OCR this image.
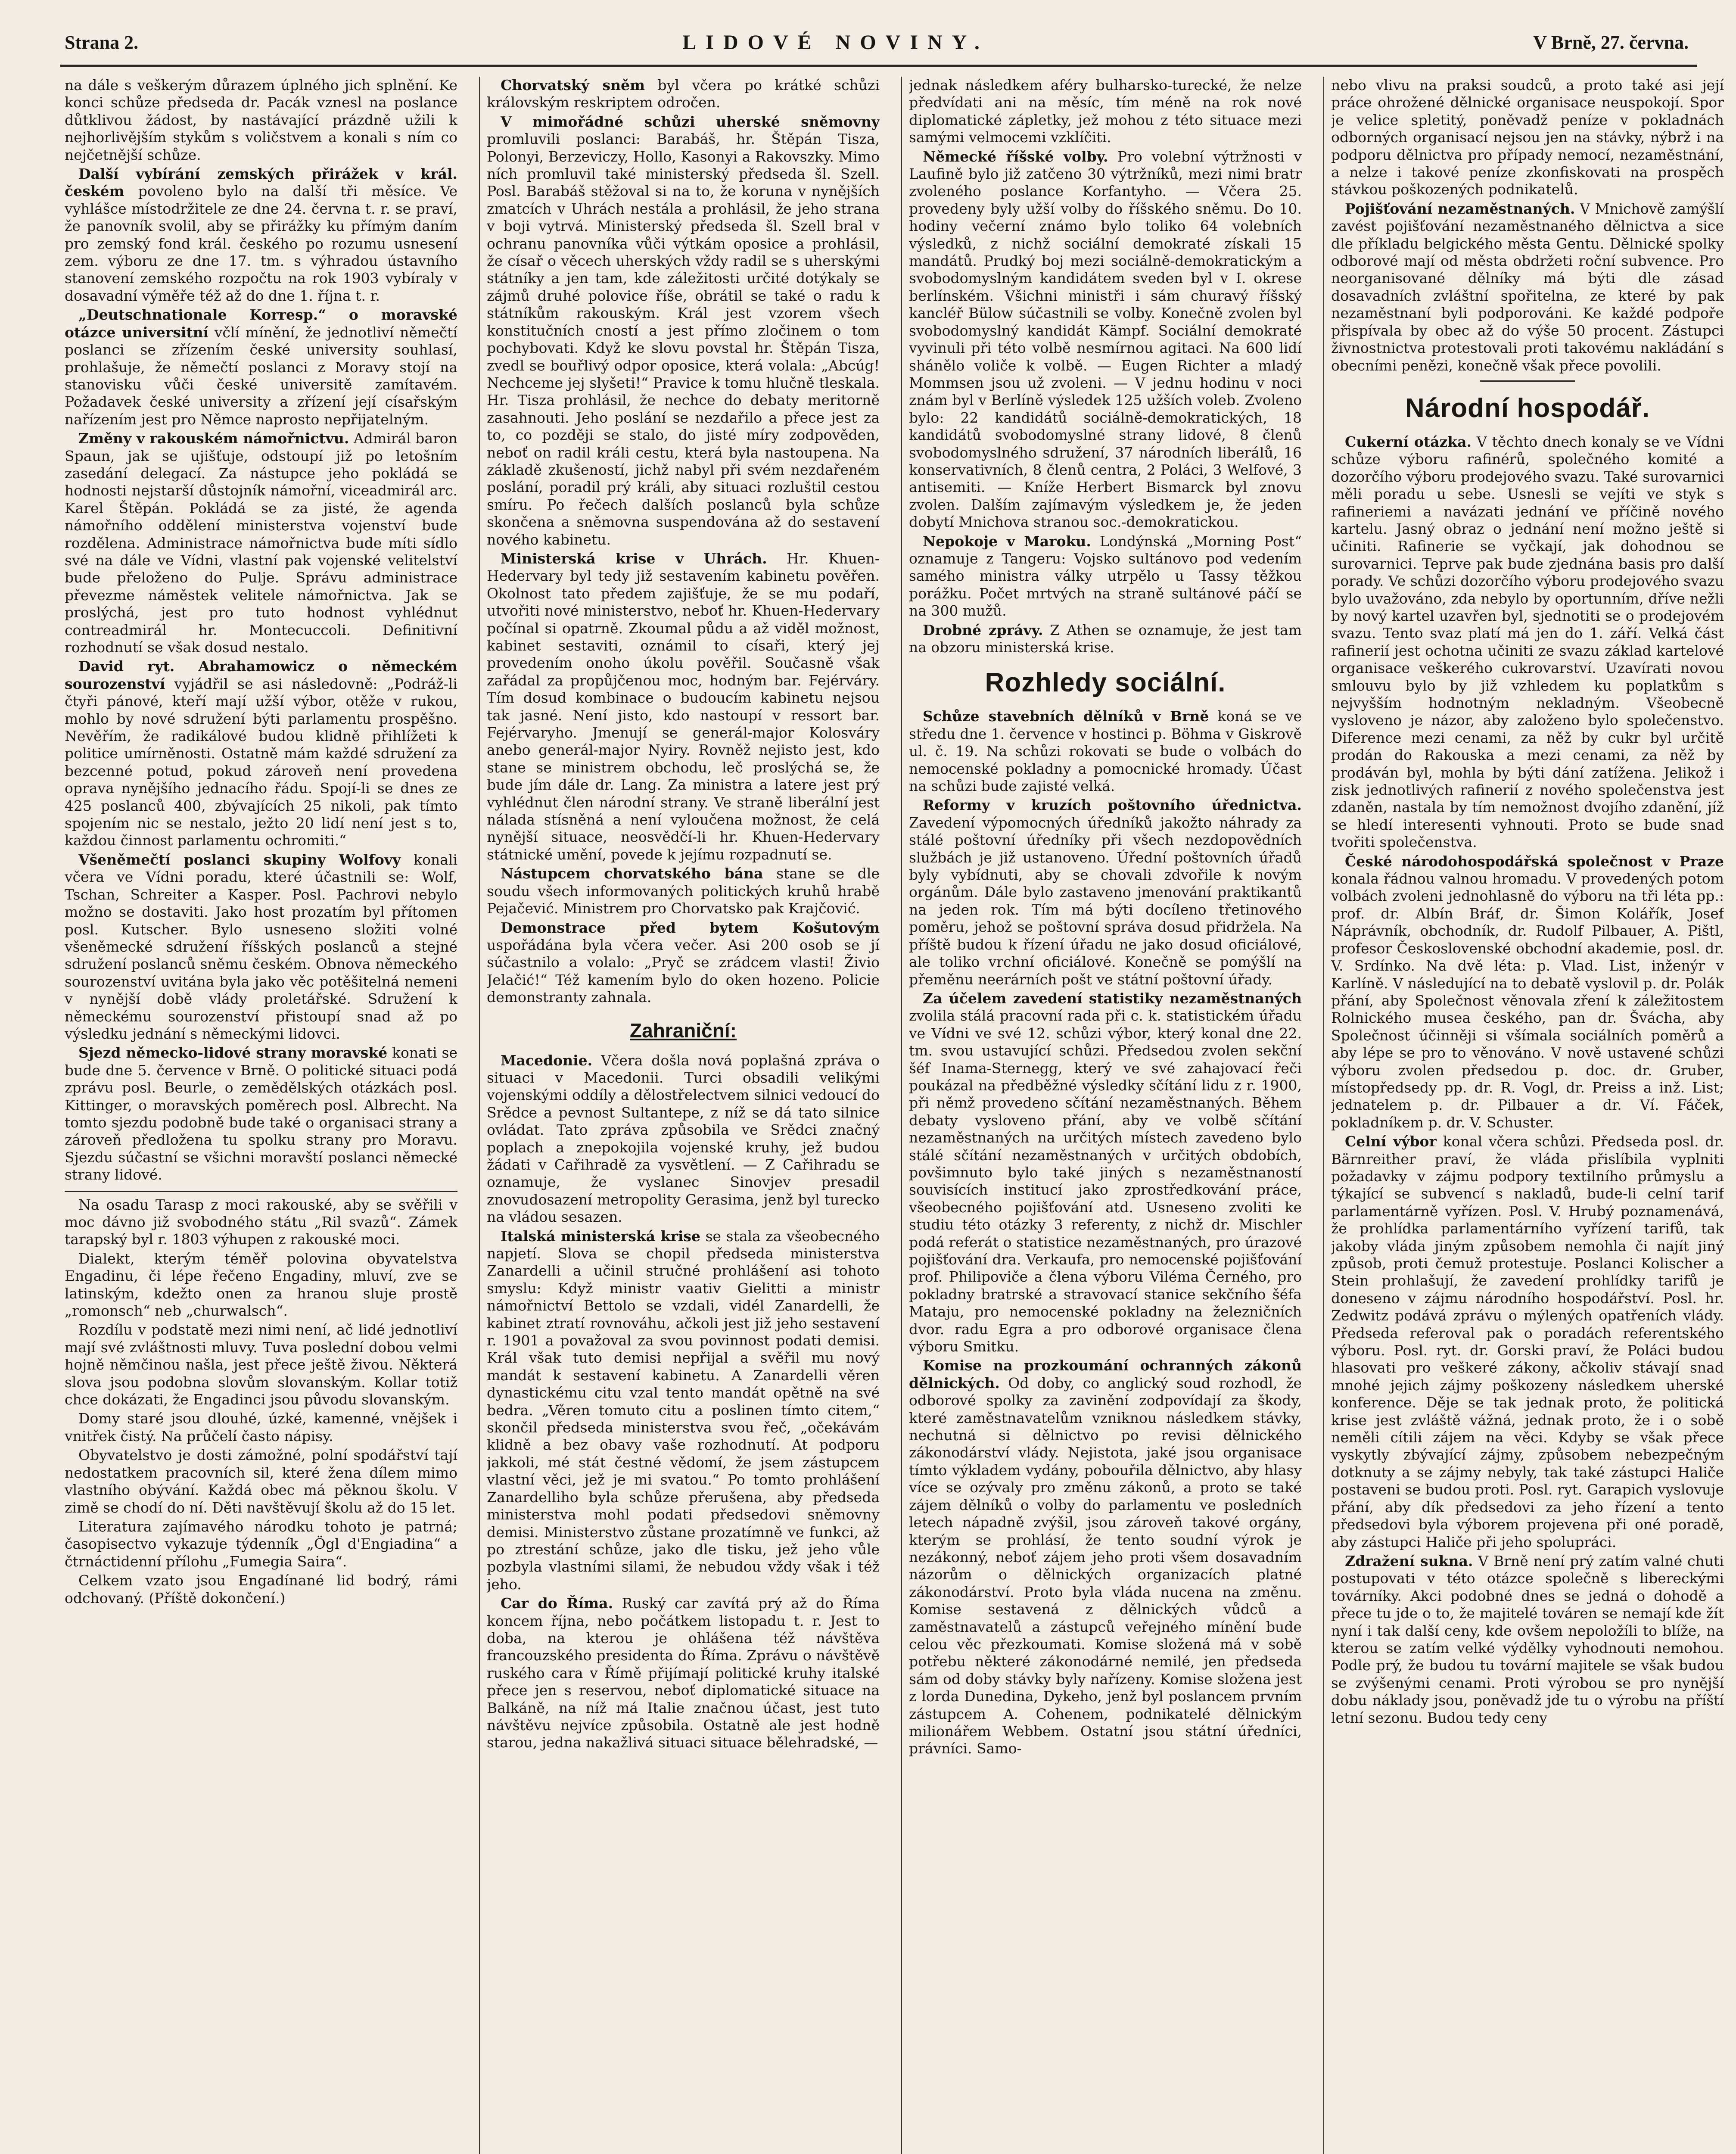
Strana 2.	LIDOVÉ NOVINY.	V Brně, 27. června.

na dále s veškerým důrazem úplného jich splnění. Ke konci schůze předseda dr. Pacák vznesl na poslance důtklivou žádost, by nastávající prázdně užili k nejhorlivějším stykům s voličstvem a konali s ním co nejčetnější schůze.

Další vybírání zemských přirážek v král. českém povoleno bylo na další tři měsíce. Ve vyhlášce místodržitele ze dne 24. června t. r. se praví, že panovník svolil, aby se přirážky ku přímým daním pro zemský fond král. českého po rozumu usnesení zem. výboru ze dne 17. tm. s výhradou ústavního stanovení zemského rozpočtu na rok 1903 vybíraly v dosavadní výměře též až do dne 1. října t. r.

„Deutschnationale Korresp.“ o moravské otázce universitní včlí mínění, že jednotliví němečtí poslanci se zřízením české university souhlasí, prohlašuje, že němečtí poslanci z Moravy stojí na stanovisku vůči české universitě zamítavém. Požadavek české university a zřízení její císařským nařízením jest pro Němce naprosto nepřijatelným.

Změny v rakouském námořnictvu. Admirál baron Spaun, jak se ujišťuje, odstoupí již po letošním zasedání delegací. Za nástupce jeho pokládá se hodnosti nejstarší důstojník námořní, viceadmirál arc. Karel Štěpán. Pokládá se za jisté, že agenda námořního oddělení ministerstva vojenství bude rozdělena. Administrace námořnictva bude míti sídlo své na dále ve Vídni, vlastní pak vojenské velitelství bude přeloženo do Pulje. Správu administrace převezme náměstek velitele námořnictva. Jak se proslýchá, jest pro tuto hodnost vyhlédnut contreadmirál hr. Montecuccoli. Definitivní rozhodnutí se však dosud nestalo.

David ryt. Abrahamowicz o německém sourozenství vyjádřil se asi následovně: „Podráž-li čtyři pánové, kteří mají užší výbor, otěže v rukou, mohlo by nové sdružení býti parlamentu prospěšno. Nevěřím, že radikálové budou klidně přihlížeti k politice umírněnosti. Ostatně mám každé sdružení za bezcenné potud, pokud zároveň není provedena oprava nynějšího jednacího řádu. Spojí-li se dnes ze 425 poslanců 400, zbývajících 25 nikoli, pak tímto spojením nic se nestalo, ježto 20 lidí není jest s to, každou činnost parlamentu ochromiti.“

Všeněmečtí poslanci skupiny Wolfovy konali včera ve Vídni poradu, které účastnili se: Wolf, Tschan, Schreiter a Kasper. Posl. Pachrovi nebylo možno se dostaviti. Jako host prozatím byl přítomen posl. Kutscher. Bylo usneseno složiti volné všeněmecké sdružení říšských poslanců a stejné sdružení poslanců sněmu českém. Obnova německého sourozenství uvitána byla jako věc potěšitelná nemeni v nynější době vlády proletářské. Sdružení k německému sourozenství přistoupí snad až po výsledku jednání s německými lidovci.

Sjezd německo-lidové strany moravské konati se bude dne 5. července v Brně. O politické situaci podá zprávu posl. Beurle, o zemědělských otázkách posl. Kittinger, o moravských poměrech posl. Albrecht. Na tomto sjezdu podobně bude také o organisaci strany a zároveň předložena tu spolku strany pro Moravu. Sjezdu súčastní se všichni moravští poslanci německé strany lidové.

Na osadu Tarasp z moci rakouské, aby se svěřili v moc dávno již svobodného státu „Ril svazů“. Zámek tarapský byl r. 1803 výhupen z rakouské moci.

Dialekt, kterým téměř polovina obyvatelstva Engadinu, či lépe řečeno Engadiny, mluví, zve se latinským, kdežto onen za hranou sluje prostě „romonsch“ neb „churwalsch“.

Rozdílu v podstatě mezi nimi není, ač lidé jednotliví mají své zvláštnosti mluvy. Tuva poslední dobou velmi hojně němčinou našla, jest přece ještě živou. Některá slova jsou podobna slovům slovanským. Kollar totiž chce dokázati, že Engadinci jsou původu slovanským.

Domy staré jsou dlouhé, úzké, kamenné, vnějšek i vnitřek čistý. Na průčelí často nápisy.

Obyvatelstvo je dosti zámožné, polní spodářství tají nedostatkem pracovních sil, které žena dílem mimo vlastního obývání. Každá obec má pěknou školu. V zimě se chodí do ní. Děti navštěvují školu až do 15 let.

Literatura zajímavého národku tohoto je patrná; časopisectvo vykazuje týdenník „Ögl d'Engiadina“ a čtrnáctidenní přílohu „Fumegia Saira“.

Celkem vzato jsou Engadínané lid bodrý, rámi odchovaný. (Příště dokončení.)

Chorvatský sněm byl včera po krátké schůzi královským reskriptem odročen.

V mimořádné schůzi uherské sněmovny promluvili poslanci: Barabáš, hr. Štěpán Tisza, Polonyi, Berzeviczy, Hollo, Kasonyi a Rakovszky. Mimo ních promluvil také ministerský předseda šl. Szell. Posl. Barabáš stěžoval si na to, že koruna v nynějších zmatcích v Uhrách nestála a prohlásil, že jeho strana v boji vytrvá. Ministerský předseda šl. Szell bral v ochranu panovníka vůči výtkám oposice a prohlásil, že císař o věcech uherských vždy radil se s uherskými státníky a jen tam, kde záležitosti určité dotýkaly se zájmů druhé polovice říše, obrátil se také o radu k státníkům rakouským. Král jest vzorem všech konstitučních cností a jest přímo zločinem o tom pochybovati. Když ke slovu povstal hr. Štěpán Tisza, zvedl se bouřlivý odpor oposice, která volala: „Abcúg! Nechceme jej slyšeti!“ Pravice k tomu hlučně tleskala. Hr. Tisza prohlásil, že nechce do debaty meritorně zasahnouti. Jeho poslání se nezdařilo a přece jest za to, co později se stalo, do jisté míry zodpověden, neboť on radil králi cestu, která byla nastoupena. Na základě zkušeností, jichž nabyl při svém nezdařeném poslání, poradil prý králi, aby situaci rozluštil cestou smíru. Po řečech dalších poslanců byla schůze skončena a sněmovna suspendována až do sestavení nového kabinetu.

Ministerská krise v Uhrách. Hr. Khuen-Hedervary byl tedy již sestavením kabinetu pověřen. Okolnost tato předem zajišťuje, že se mu podaří, utvořiti nové ministerstvo, neboť hr. Khuen-Hedervary počínal si opatrně. Zkoumal půdu a až viděl možnost, kabinet sestaviti, oznámil to císaři, který jej provedením onoho úkolu pověřil. Současně však zařádal za propůjčenou moc, hodným bar. Fejérváry. Tím dosud kombinace o budoucím kabinetu nejsou tak jasné. Není jisto, kdo nastoupí v ressort bar. Fejérvaryho. Jmenují se generál-major Kolosváry anebo generál-major Nyiry. Rovněž nejisto jest, kdo stane se ministrem obchodu, leč proslýchá se, že bude jím dále dr. Lang. Za ministra a latere jest prý vyhlédnut člen národní strany. Ve straně liberální jest nálada stísněná a není vyloučena možnost, že celá nynější situace, neosvědčí-li hr. Khuen-Hedervary státnické umění, povede k jejímu rozpadnutí se.

Nástupcem chorvatského bána stane se dle soudu všech informovaných politických kruhů hrabě Pejačević. Ministrem pro Chorvatsko pak Krajčović.

Demonstrace před bytem Košutovým uspořádána byla včera večer. Asi 200 osob se jí súčastnilo a volalo: „Pryč se zrádcem vlasti! Živio Jelačić!“ Též kamením bylo do oken hozeno. Policie demonstranty zahnala.

Zahraniční:

Macedonie. Včera došla nová poplašná zpráva o situaci v Macedonii. Turci obsadili velikými vojenskými oddíly a dělostřelectvem silnici vedoucí do Srědce a pevnost Sultantepe, z níž se dá tato silnice ovládat. Tato zpráva způsobila ve Srědci značný poplach a znepokojila vojenské kruhy, jež budou žádati v Cařihradě za vysvětlení. — Z Cařihradu se oznamuje, že vyslanec Sinovjev presadil znovudosazení metropolity Gerasima, jenž byl turecko na vládou sesazen.

Italská ministerská krise se stala za všeobecného napjetí. Slova se chopil předseda ministerstva Zanardelli a učinil stručné prohlášení asi tohoto smyslu: Když ministr vaativ Gielitti a ministr námořnictví Bettolo se vzdali, vidél Zanardelli, že kabinet ztratí rovnováhu, ačkoli jest již jeho sestavení r. 1901 a považoval za svou povinnost podati demisi. Král však tuto demisi nepřijal a svěřil mu nový mandát k sestavení kabinetu. A Zanardelli věren dynastickému citu vzal tento mandát opětně na své bedra. „Věren tomuto citu a poslinen tímto citem,“ skončil předseda ministerstva svou řeč, „očekávám klidně a bez obavy vaše rozhodnutí. At podporu jakkoli, mé stát čestné vědomí, že jsem zástupcem vlastní věci, jež je mi svatou.“ Po tomto prohlášení Zanardelliho byla schůze přerušena, aby předseda ministerstva mohl podati předsedovi sněmovny demisi. Ministerstvo zůstane prozatímně ve funkci, až po ztrestání schůze, jako dle tisku, jež jeho vůle pozbyla vlastními silami, že nebudou vždy však i též jeho.

Car do Říma. Ruský car zavítá prý až do Říma koncem října, nebo počátkem listopadu t. r. Jest to doba, na kterou je ohlášena též návštěva francouzského presidenta do Říma. Zprávu o návštěvě ruského cara v Římě přijímají politické kruhy italské přece jen s reservou, neboť diplomatické situace na Balkáně, na níž má Italie značnou účast, jest tuto návštěvu nejvíce způsobila. Ostatně ale jest hodně starou, jedna nakažlivá situaci situace bělehradské, —

jednak následkem aféry bulharsko-turecké, že nelze předvídati ani na měsíc, tím méně na rok nové diplomatické zápletky, jež mohou z této situace mezi samými velmocemi vzklíčiti.

Německé říšské volby. Pro volební výtržnosti v Laufině bylo již zatčeno 30 výtržníků, mezi nimi bratr zvoleného poslance Korfantyho. — Včera 25. provedeny byly užší volby do říšského sněmu. Do 10. hodiny večerní známo bylo toliko 64 volebních výsledků, z nichž sociální demokraté získali 15 mandátů. Prudký boj mezi sociálně-demokratickým a svobodomyslným kandidátem sveden byl v I. okrese berlínském. Všichni ministři i sám churavý říšský kancléř Bülow súčastnili se volby. Konečně zvolen byl svobodomyslný kandidát Kämpf. Sociální demokraté vyvinuli při této volbě nesmírnou agitaci. Na 600 lidí shánělo voliče k volbě. — Eugen Richter a mladý Mommsen jsou už zvoleni. — V jednu hodinu v noci znám byl v Berlíně výsledek 125 užších voleb. Zvoleno bylo: 22 kandidátů sociálně-demokratických, 18 kandidátů svobodomyslné strany lidové, 8 členů svobodomyslného sdružení, 37 národních liberálů, 16 konservativních, 8 členů centra, 2 Poláci, 3 Welfové, 3 antisemiti. — Kníže Herbert Bismarck byl znovu zvolen. Dalším zajímavým výsledkem je, že jeden dobytí Mnichova stranou soc.-demokratickou.

Nepokoje v Maroku. Londýnská „Morning Post“ oznamuje z Tangeru: Vojsko sultánovo pod vedením samého ministra války utrpělo u Tassy těžkou porážku. Počet mrtvých na straně sultánové páčí se na 300 mužů.

Drobné zprávy. Z Athen se oznamuje, že jest tam na obzoru ministerská krise.

Rozhledy sociální.

Schůze stavebních dělníků v Brně koná se ve středu dne 1. července v hostinci p. Böhma v Giskrově ul. č. 19. Na schůzi rokovati se bude o volbách do nemocenské pokladny a pomocnické hromady. Účast na schůzi bude zajisté velká.

Reformy v kruzích poštovního úřednictva. Zavedení výpomocných úředníků jakožto náhrady za stálé poštovní úředníky při všech nezdopovědních službách je již ustanoveno. Úřední poštovních úřadů byly vybídnuti, aby se chovali zdvořile k novým orgánům. Dále bylo zastaveno jmenování praktikantů na jeden rok. Tím má býti docíleno třetinového poměru, jehož se poštovní správa dosud přidržela. Na příště budou k řízení úřadu ne jako dosud oficiálové, ale toliko vrchní oficiálové. Konečně se pomýšlí na přeměnu neerárních pošt ve státní poštovní úřady.

Za účelem zavedení statistiky nezaměstnaných zvolila stálá pracovní rada při c. k. statistickém úřadu ve Vídni ve své 12. schůzi výbor, který konal dne 22. tm. svou ustavující schůzi. Předsedou zvolen sekční šéf Inama-Sternegg, který ve své zahajovací řeči poukázal na předběžné výsledky sčítání lidu z r. 1900, při němž provedeno sčítání nezaměstnaných. Během debaty vysloveno přání, aby ve volbě sčítání nezaměstnaných na určitých místech zavedeno bylo stálé sčítání nezaměstnaných v určitých obdobích, povšimnuto bylo také jiných s nezaměstnaností souvisících institucí jako zprostředkování práce, všeobecného pojišťování atd. Usneseno zvoliti ke studiu této otázky 3 referenty, z nichž dr. Mischler podá referát o statistice nezaměstnaných, pro úrazové pojišťování dra. Verkaufa, pro nemocenské pojišťování prof. Philipoviče a člena výboru Viléma Černého, pro pokladny bratrské a stravovací stanice sekčního šéfa Mataju, pro nemocenské pokladny na železničních dvor. radu Egra a pro odborové organisace člena výboru Smitku.

Komise na prozkoumání ochranných zákonů dělnických. Od doby, co anglický soud rozhodl, že odborové spolky za zavinění zodpovídají za škody, které zaměstnavatelům vzniknou následkem stávky, nechutná si dělnictvo po revisi dělnického zákonodárství vlády. Nejistota, jaké jsou organisace tímto výkladem vydány, pobouřila dělnictvo, aby hlasy více se ozývaly pro změnu zákonů, a proto se také zájem dělníků o volby do parlamentu ve posledních letech nápadně zvýšil, jsou zároveň takové orgány, kterým se prohlásí, že tento soudní výrok je nezákonný, neboť zájem jeho proti všem dosavadním názorům o dělnických organizacích platné zákonodárství. Proto byla vláda nucena na změnu. Komise sestavená z dělnických vůdců a zaměstnavatelů a zástupců veřejného mínění bude celou věc přezkoumati. Komise složená má v sobě potřebu některé zákonodárné nemilé, jen předseda sám od doby stávky byly nařízeny. Komise složena jest z lorda Dunedina, Dykeho, jenž byl poslancem prvním zástupcem A. Cohenem, podnikatelé dělnickým milionářem Webbem. Ostatní jsou státní úředníci, právníci. Samo-

nebo vlivu na praksi soudců, a proto také asi její práce ohrožené dělnické organisace neuspokojí. Spor je velice spletitý, poněvadž peníze v pokladnách odborných organisací nejsou jen na stávky, nýbrž i na podporu dělnictva pro případy nemocí, nezaměstnání, a nelze i takové peníze zkonfiskovati na prospěch stávkou poškozených podnikatelů.

Pojišťování nezaměstnaných. V Mnichově zamýšlí zavést pojišťování nezaměstnaného dělnictva a sice dle příkladu belgického města Gentu. Dělnické spolky odborové mají od města obdržeti roční subvence. Pro neorganisované dělníky má býti dle zásad dosavadních zvláštní spořitelna, ze které by pak nezaměstnaní byli podporováni. Ke každé podpoře přispívala by obec až do výše 50 procent. Zástupci živnostnictva protestovali proti takovému nakládání s obecními penězi, konečně však přece povolili.

Národní hospodář.

Cukerní otázka. V těchto dnech konaly se ve Vídni schůze výboru rafinérů, společného komité a dozorčího výboru prodejového svazu. Také surovarnici měli poradu u sebe. Usnesli se vejíti ve styk s rafineriemi a navázati jednání ve příčině nového kartelu. Jasný obraz o jednání není možno ještě si učiniti. Rafinerie se vyčkají, jak dohodnou se surovarnici. Teprve pak bude zjednána basis pro další porady. Ve schůzi dozorčího výboru prodejového svazu bylo uvažováno, zda nebylo by oportunním, dříve nežli by nový kartel uzavřen byl, sjednotiti se o prodejovém svazu. Tento svaz platí má jen do 1. září. Velká část rafinerií jest ochotna učiniti ze svazu základ kartelové organisace veškerého cukrovarství. Uzavírati novou smlouvu bylo by již vzhledem ku poplatkům s nejvyšším hodnotným nekladným. Všeobecně vysloveno je názor, aby založeno bylo společenstvo. Diference mezi cenami, za něž by cukr byl určitě prodán do Rakouska a mezi cenami, za něž by prodáván byl, mohla by býti dání zatížena. Jelikož i zisk jednotlivých rafinerií z nového společenstva jest zdaněn, nastala by tím nemožnost dvojího zdanění, jíž se hledí interesenti vyhnouti. Proto se bude snad tvořiti společenstva.

České národohospodářská společnost v Praze konala řádnou valnou hromadu. V provedených potom volbách zvoleni jednohlasně do výboru na tři léta pp.: prof. dr. Albín Bráf, dr. Šimon Kolářík, Josef Náprávník, obchodník, dr. Rudolf Pilbauer, A. Pištl, profesor Československé obchodní akademie, posl. dr. V. Srdínko. Na dvě léta: p. Vlad. List, inženýr v Karlíně. V následující na to debatě vyslovil p. dr. Polák přání, aby Společnost věnovala zření k záležitostem Rolnického musea českého, pan dr. Švácha, aby Společnost účinněji si všímala sociálních poměrů a aby lépe se pro to věnováno. V nově ustavené schůzi výboru zvolen předsedou p. doc. dr. Gruber, místopředsedy pp. dr. R. Vogl, dr. Preiss a inž. List; jednatelem p. dr. Pilbauer a dr. Ví. Fáček, pokladníkem p. dr. V. Schuster.

Celní výbor konal včera schůzi. Předseda posl. dr. Bärnreither praví, že vláda přislíbila vyplniti požadavky v zájmu podpory textilního průmyslu a týkající se subvencí s nakladů, bude-li celní tarif parlamentárně vyřízen. Posl. V. Hrubý poznamenává, že prohlídka parlamentárního vyřízení tarifů, tak jakoby vláda jiným způsobem nemohla či najít jiný způsob, proti čemuž protestuje. Poslanci Kolischer a Stein prohlašují, že zavedení prohlídky tarifů je doneseno v zájmu národního hospodářství. Posl. hr. Zedwitz podává zprávu o mýlených opatřeních vlády. Předseda referoval pak o poradách referentského výboru. Posl. ryt. dr. Gorski praví, že Poláci budou hlasovati pro veškeré zákony, ačkoliv stávají snad mnohé jejich zájmy poškozeny následkem uherské konference. Děje se tak jednak proto, že politická krise jest zvláště vážná, jednak proto, že i o sobě neměli cítili zájem na věci. Kdyby se však přece vyskytly zbývající zájmy, způsobem nebezpečným dotknuty a se zájmy nebyly, tak také zástupci Haliče postaveni se budou proti. Posl. ryt. Garapich vyslovuje přání, aby dík předsedovi za jeho řízení a tento předsedovi byla výborem projevena při oné poradě, aby zástupci Haliče při jeho spolupráci.

Zdražení sukna. V Brně není prý zatím valné chuti postupovati v této otázce společně s libereckými továrníky. Akci podobné dnes se jedná o dohodě a přece tu jde o to, že majitelé továren se nemají kde žít nyní i tak další ceny, kde ovšem nepoložíli to blíže, na kterou se zatím velké výdělky vyhodnouti nemohou. Podle prý, že budou tu tovární majitele se však budou se zvýšenými cenami. Proti výrobou se pro nynější dobu náklady jsou, poněvadž jde tu o výrobu na příští letní sezonu. Budou tedy ceny
